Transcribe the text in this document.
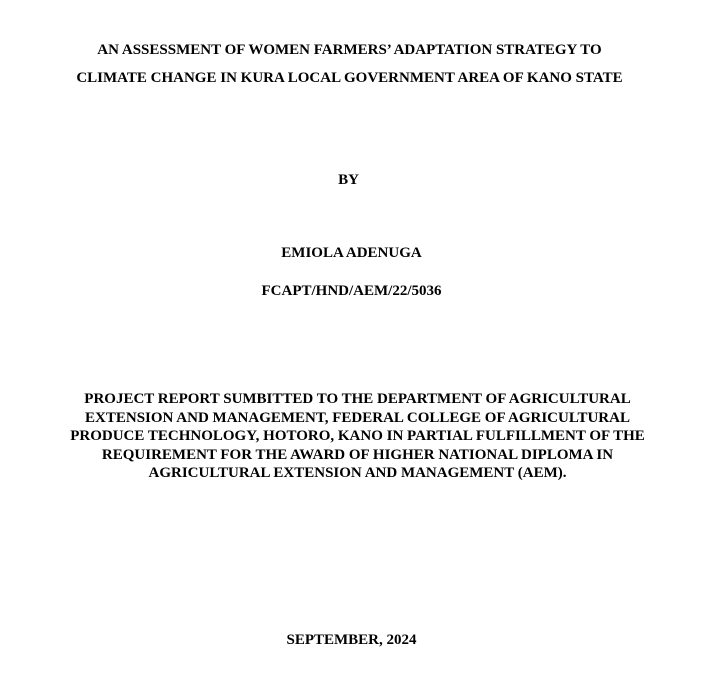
AN ASSESSMENT OF WOMEN FARMERS’ ADAPTATION STRATEGY TO
CLIMATE CHANGE IN KURA LOCAL GOVERNMENT AREA OF KANO STATE
BY
EMIOLA ADENUGA
FCAPT/HND/AEM/22/5036
PROJECT REPORT SUMBITTED TO THE DEPARTMENT OF AGRICULTURAL
EXTENSION AND MANAGEMENT, FEDERAL COLLEGE OF AGRICULTURAL
PRODUCE TECHNOLOGY, HOTORO, KANO IN PARTIAL FULFILLMENT OF THE
REQUIREMENT FOR THE AWARD OF HIGHER NATIONAL DIPLOMA IN
AGRICULTURAL EXTENSION AND MANAGEMENT (AEM).
SEPTEMBER, 2024
